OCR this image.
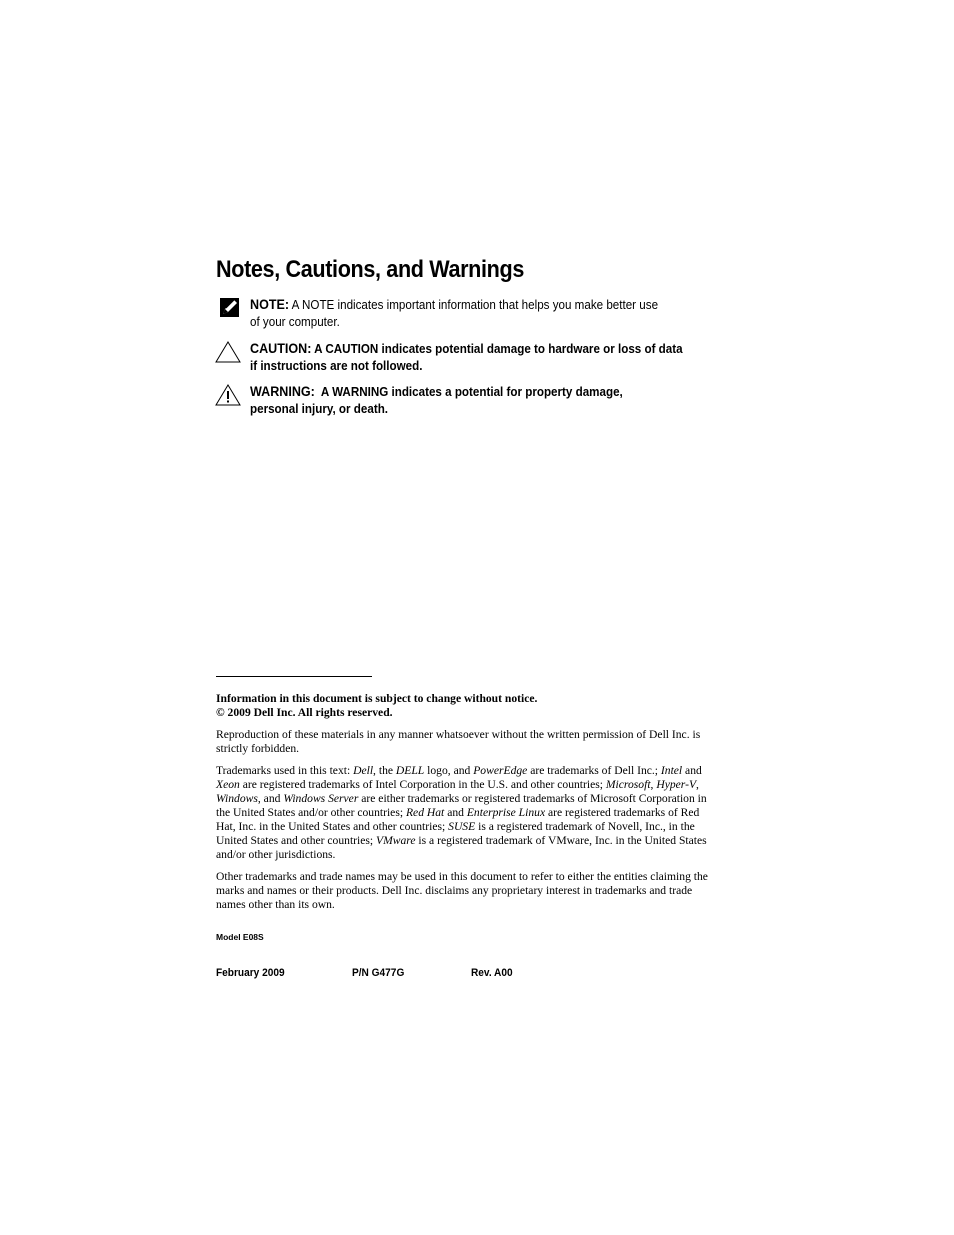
Notes, Cautions, and Warnings
NOTE: A NOTE indicates important information that helps you make better use
of your computer.
CAUTION: A CAUTION indicates potential damage to hardware or loss of data
if instructions are not followed.
WARNING: A WARNING indicates a potential for property damage,
personal injury, or death.
Information in this document is subject to change without notice.
© 2009 Dell Inc. All rights reserved.
Reproduction of these materials in any manner whatsoever without the written permission of Dell Inc. is strictly forbidden.
Trademarks used in this text: Dell, the DELL logo, and PowerEdge are trademarks of Dell Inc.; Intel and Xeon are registered trademarks of Intel Corporation in the U.S. and other countries; Microsoft, Hyper-V, Windows, and Windows Server are either trademarks or registered trademarks of Microsoft Corporation in the United States and/or other countries; Red Hat and Enterprise Linux are registered trademarks of Red Hat, Inc. in the United States and other countries; SUSE is a registered trademark of Novell, Inc., in the United States and other countries; VMware is a registered trademark of VMware, Inc. in the United States and/or other jurisdictions.
Other trademarks and trade names may be used in this document to refer to either the entities claiming the marks and names or their products. Dell Inc. disclaims any proprietary interest in trademarks and trade names other than its own.
Model E08S
February 2009	P/N G477G	Rev. A00
